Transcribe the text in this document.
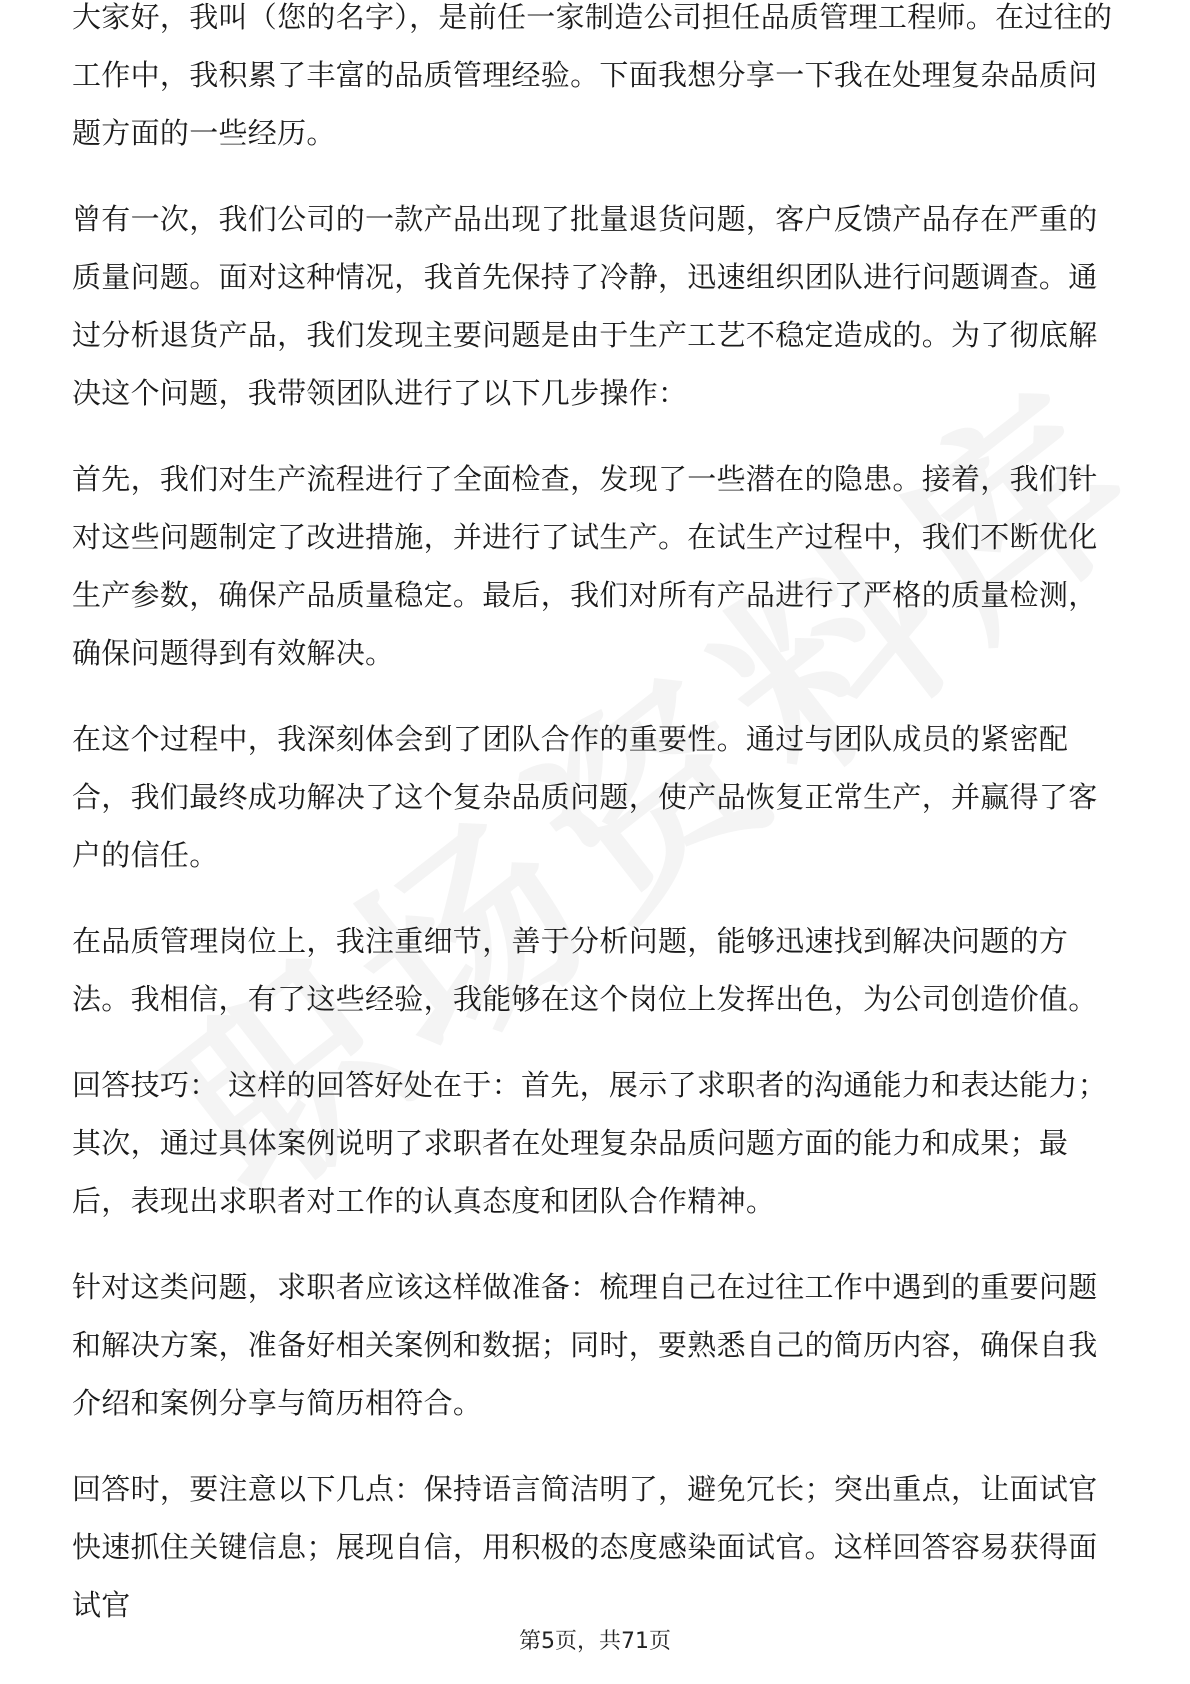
大家好，我叫（您的名字），是前任一家制造公司担任品质管理工程师。在过往的工作中，我积累了丰富的品质管理经验。下面我想分享一下我在处理复杂品质问题方面的一些经历。

曾有一次，我们公司的一款产品出现了批量退货问题，客户反馈产品存在严重的质量问题。面对这种情况，我首先保持了冷静，迅速组织团队进行问题调查。通过分析退货产品，我们发现主要问题是由于生产工艺不稳定造成的。为了彻底解决这个问题，我带领团队进行了以下几步操作：

首先，我们对生产流程进行了全面检查，发现了一些潜在的隐患。接着，我们针对这些问题制定了改进措施，并进行了试生产。在试生产过程中，我们不断优化生产参数，确保产品质量稳定。最后，我们对所有产品进行了严格的质量检测，确保问题得到有效解决。

在这个过程中，我深刻体会到了团队合作的重要性。通过与团队成员的紧密配合，我们最终成功解决了这个复杂品质问题，使产品恢复正常生产，并赢得了客户的信任。

在品质管理岗位上，我注重细节，善于分析问题，能够迅速找到解决问题的方法。我相信，有了这些经验，我能够在这个岗位上发挥出色，为公司创造价值。

回答技巧： 这样的回答好处在于：首先，展示了求职者的沟通能力和表达能力；其次，通过具体案例说明了求职者在处理复杂品质问题方面的能力和成果；最后，表现出求职者对工作的认真态度和团队合作精神。

针对这类问题，求职者应该这样做准备：梳理自己在过往工作中遇到的重要问题和解决方案，准备好相关案例和数据；同时，要熟悉自己的简历内容，确保自我介绍和案例分享与简历相符合。

回答时，要注意以下几点：保持语言简洁明了，避免冗长；突出重点，让面试官快速抓住关键信息；展现自信，用积极的态度感染面试官。这样回答容易获得面试官

第5页，共71页
